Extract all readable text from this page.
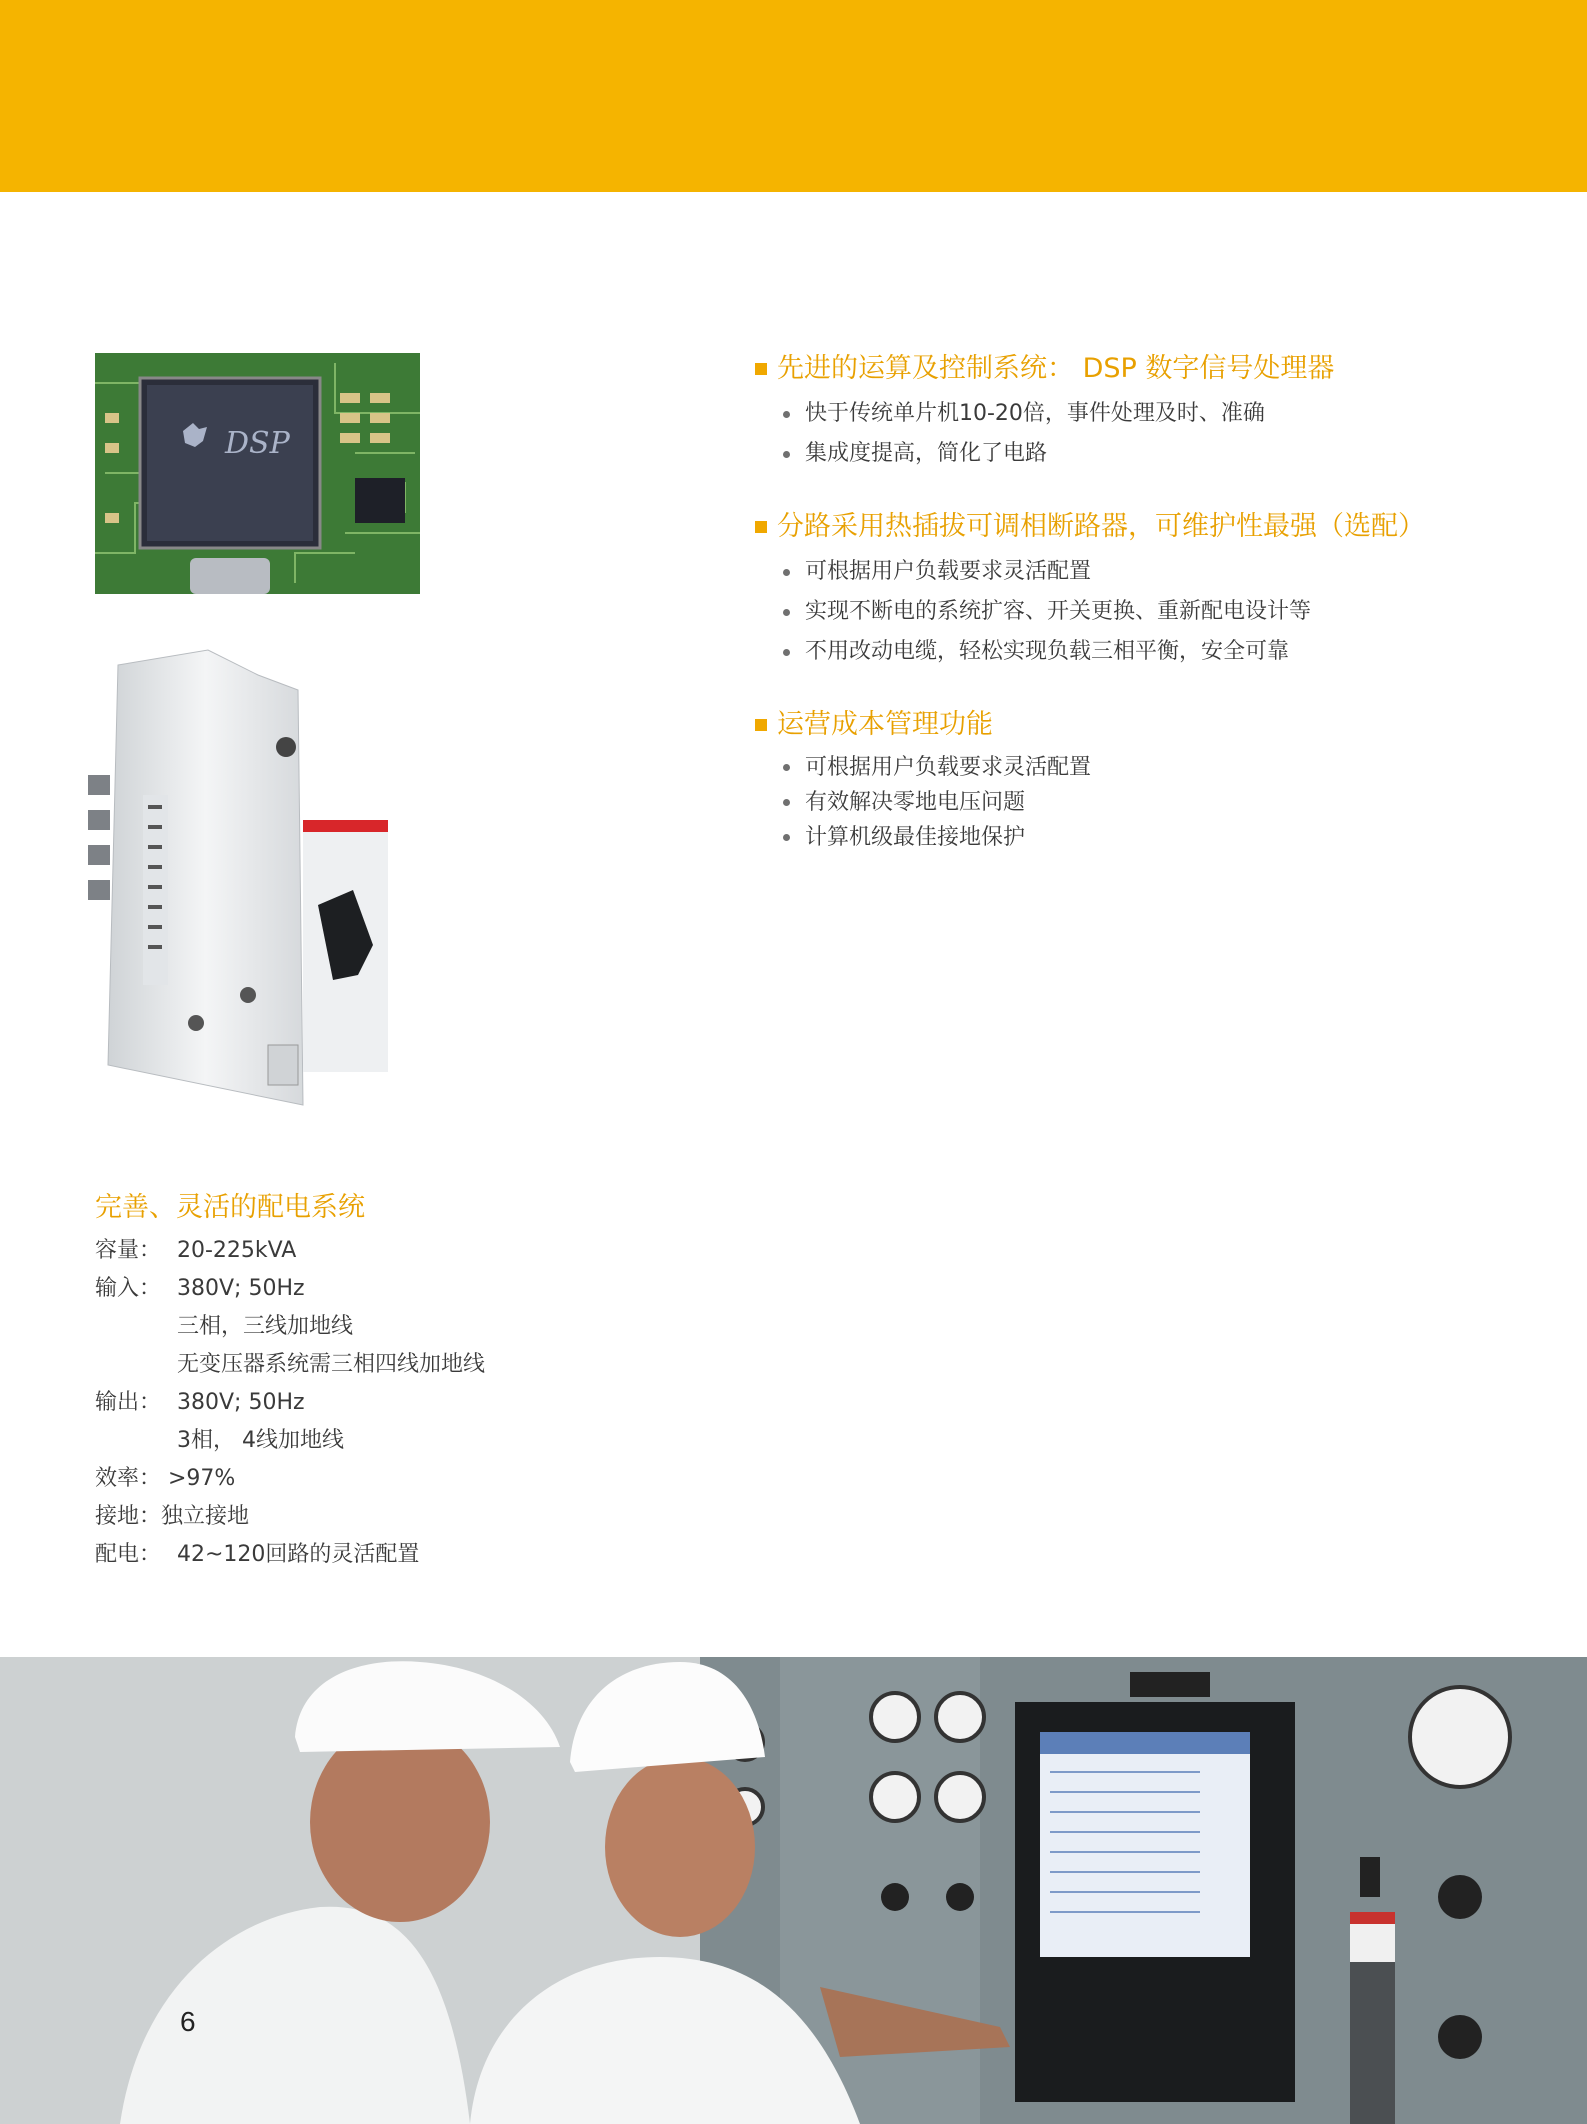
DSP
先进的运算及控制系统： DSP 数字信号处理器
快于传统单片机10-20倍，事件处理及时、准确
集成度提高，简化了电路
分路采用热插拔可调相断路器，可维护性最强（选配）
可根据用户负载要求灵活配置
实现不断电的系统扩容、开关更换、重新配电设计等
不用改动电缆，轻松实现负载三相平衡，安全可靠
运营成本管理功能
可根据用户负载要求灵活配置
有效解决零地电压问题
计算机级最佳接地保护
完善、灵活的配电系统
容量： 20-225kVA
输入： 380V; 50Hz
三相，三线加地线
无变压器系统需三相四线加地线
输出： 380V; 50Hz
3相， 4线加地线
效率： >97%
接地：独立接地
配电： 42~120回路的灵活配置
6
